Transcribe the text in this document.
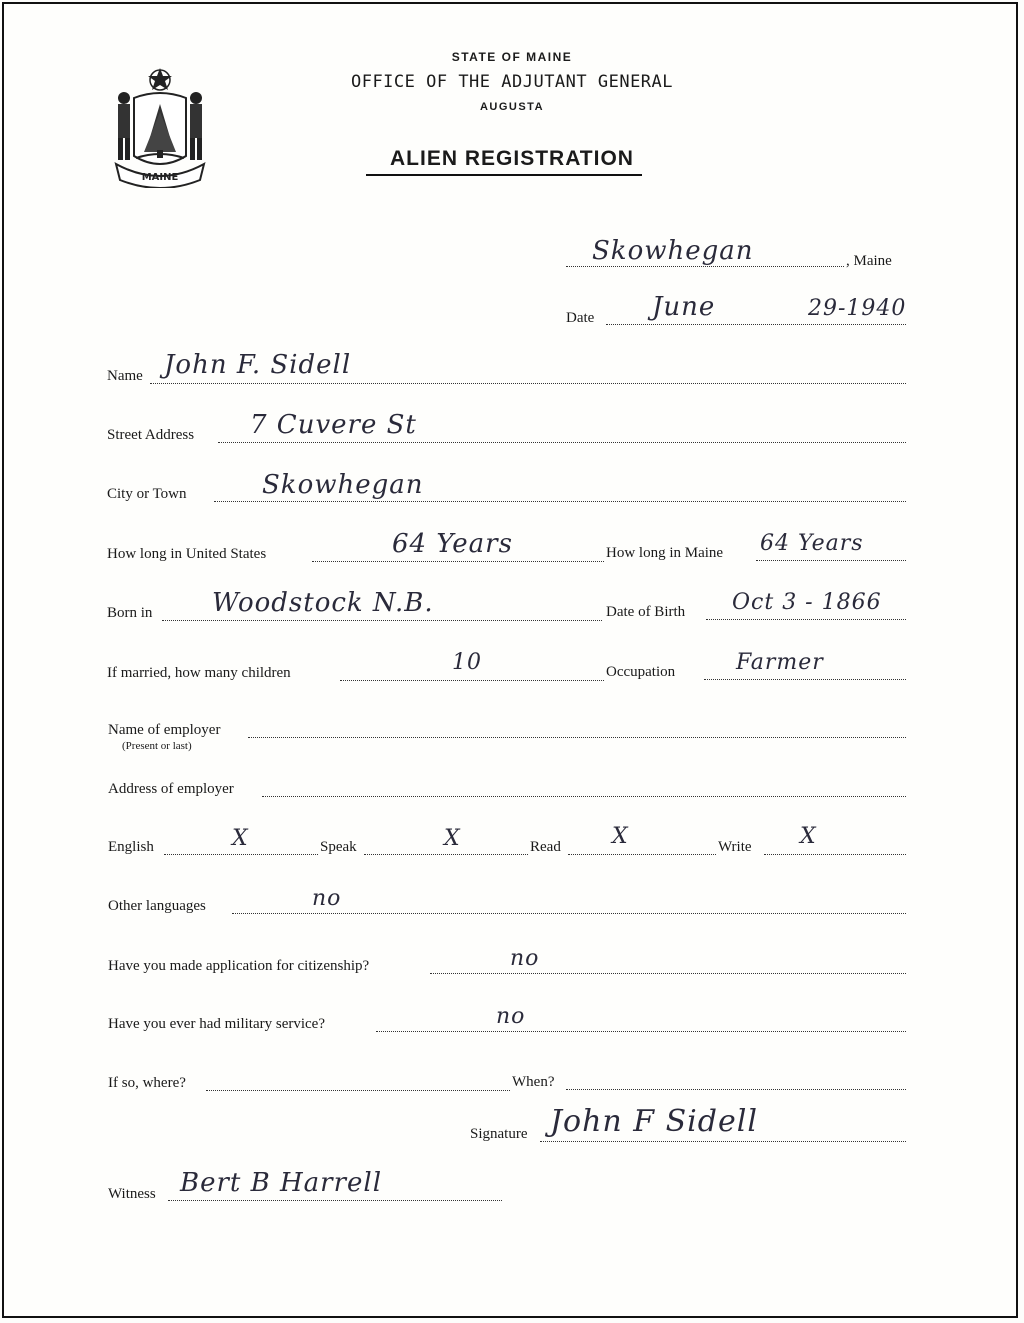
MAINE
STATE OF MAINE
OFFICE OF THE ADJUTANT GENERAL
AUGUSTA
ALIEN REGISTRATION
Skowhegan	, Maine
Date June	29-1940
Name John F. Sidell
Street Address 7 Cuvere St
City or Town	Skowhegan
How long in United States	64 Years	How long in Maine 64 Years
Born in Woodstock N.B.	Date of Birth Oct 3 - 1866
If married, how many children	10	Occupation	Farmer
Name of employer
(Present or last)
Address of employer
English	X	Speak	X	Read X	Write X
Other languages	no
Have you made application for citizenship?	no
Have you ever had military service?	no
If so, where?	When?
Signature John F Sidell
Witness Bert B Harrell
